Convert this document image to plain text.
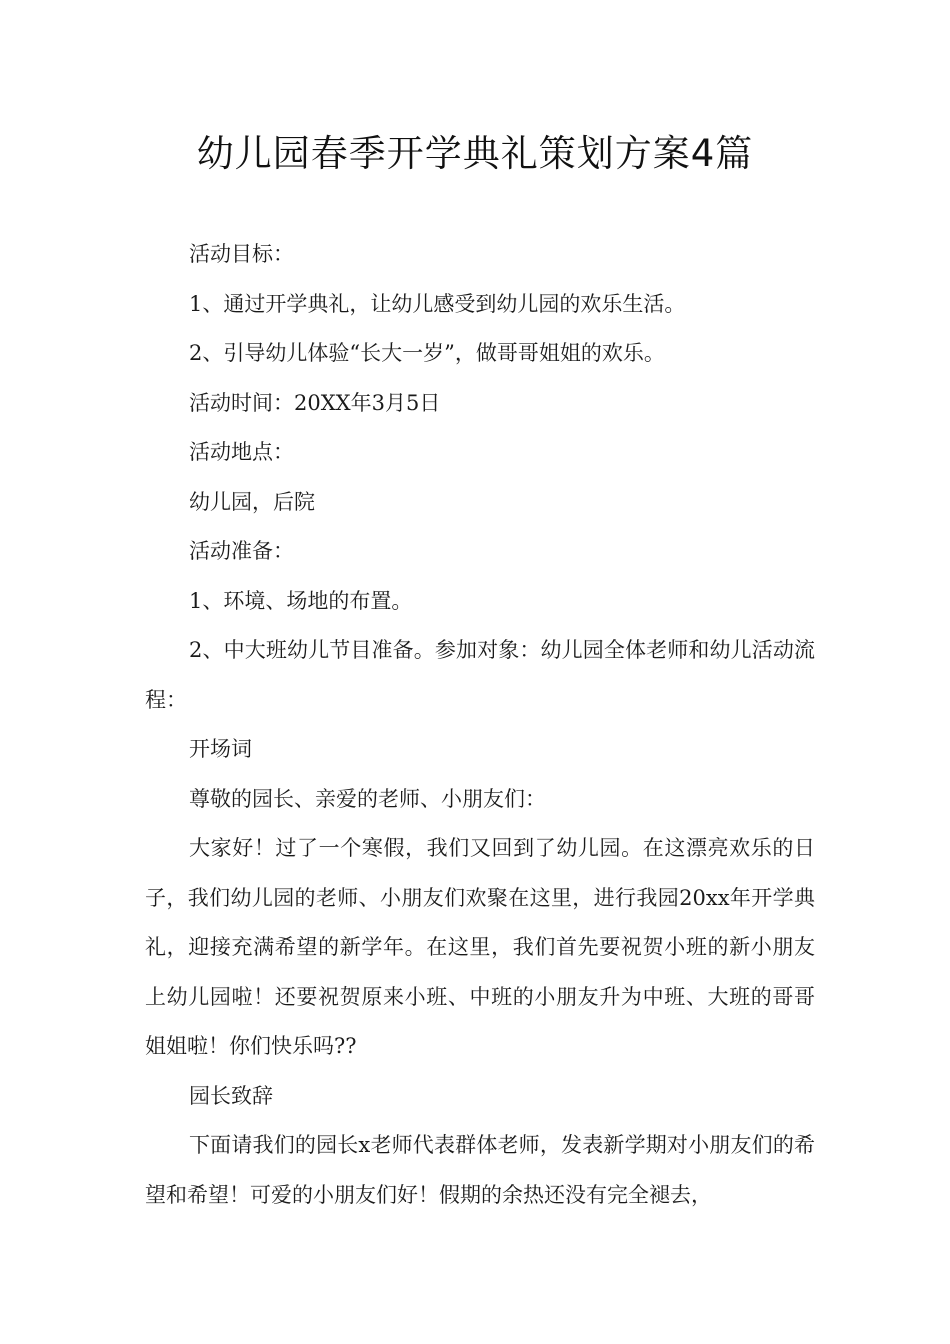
幼儿园春季开学典礼策划方案4篇

活动目标：

1、通过开学典礼，让幼儿感受到幼儿园的欢乐生活。

2、引导幼儿体验“长大一岁”，做哥哥姐姐的欢乐。

活动时间：20XX年3月5日

活动地点：

幼儿园，后院

活动准备：

1、环境、场地的布置。

2、中大班幼儿节目准备。参加对象：幼儿园全体老师和幼儿活动流程：

开场词

尊敬的园长、亲爱的老师、小朋友们：

大家好！过了一个寒假，我们又回到了幼儿园。在这漂亮欢乐的日子，我们幼儿园的老师、小朋友们欢聚在这里，进行我园20xx年开学典礼，迎接充满希望的新学年。在这里，我们首先要祝贺小班的新小朋友上幼儿园啦！还要祝贺原来小班、中班的小朋友升为中班、大班的哥哥姐姐啦！你们快乐吗??

园长致辞

下面请我们的园长x老师代表群体老师，发表新学期对小朋友们的希望和希望！可爱的小朋友们好！假期的余热还没有完全褪去，
